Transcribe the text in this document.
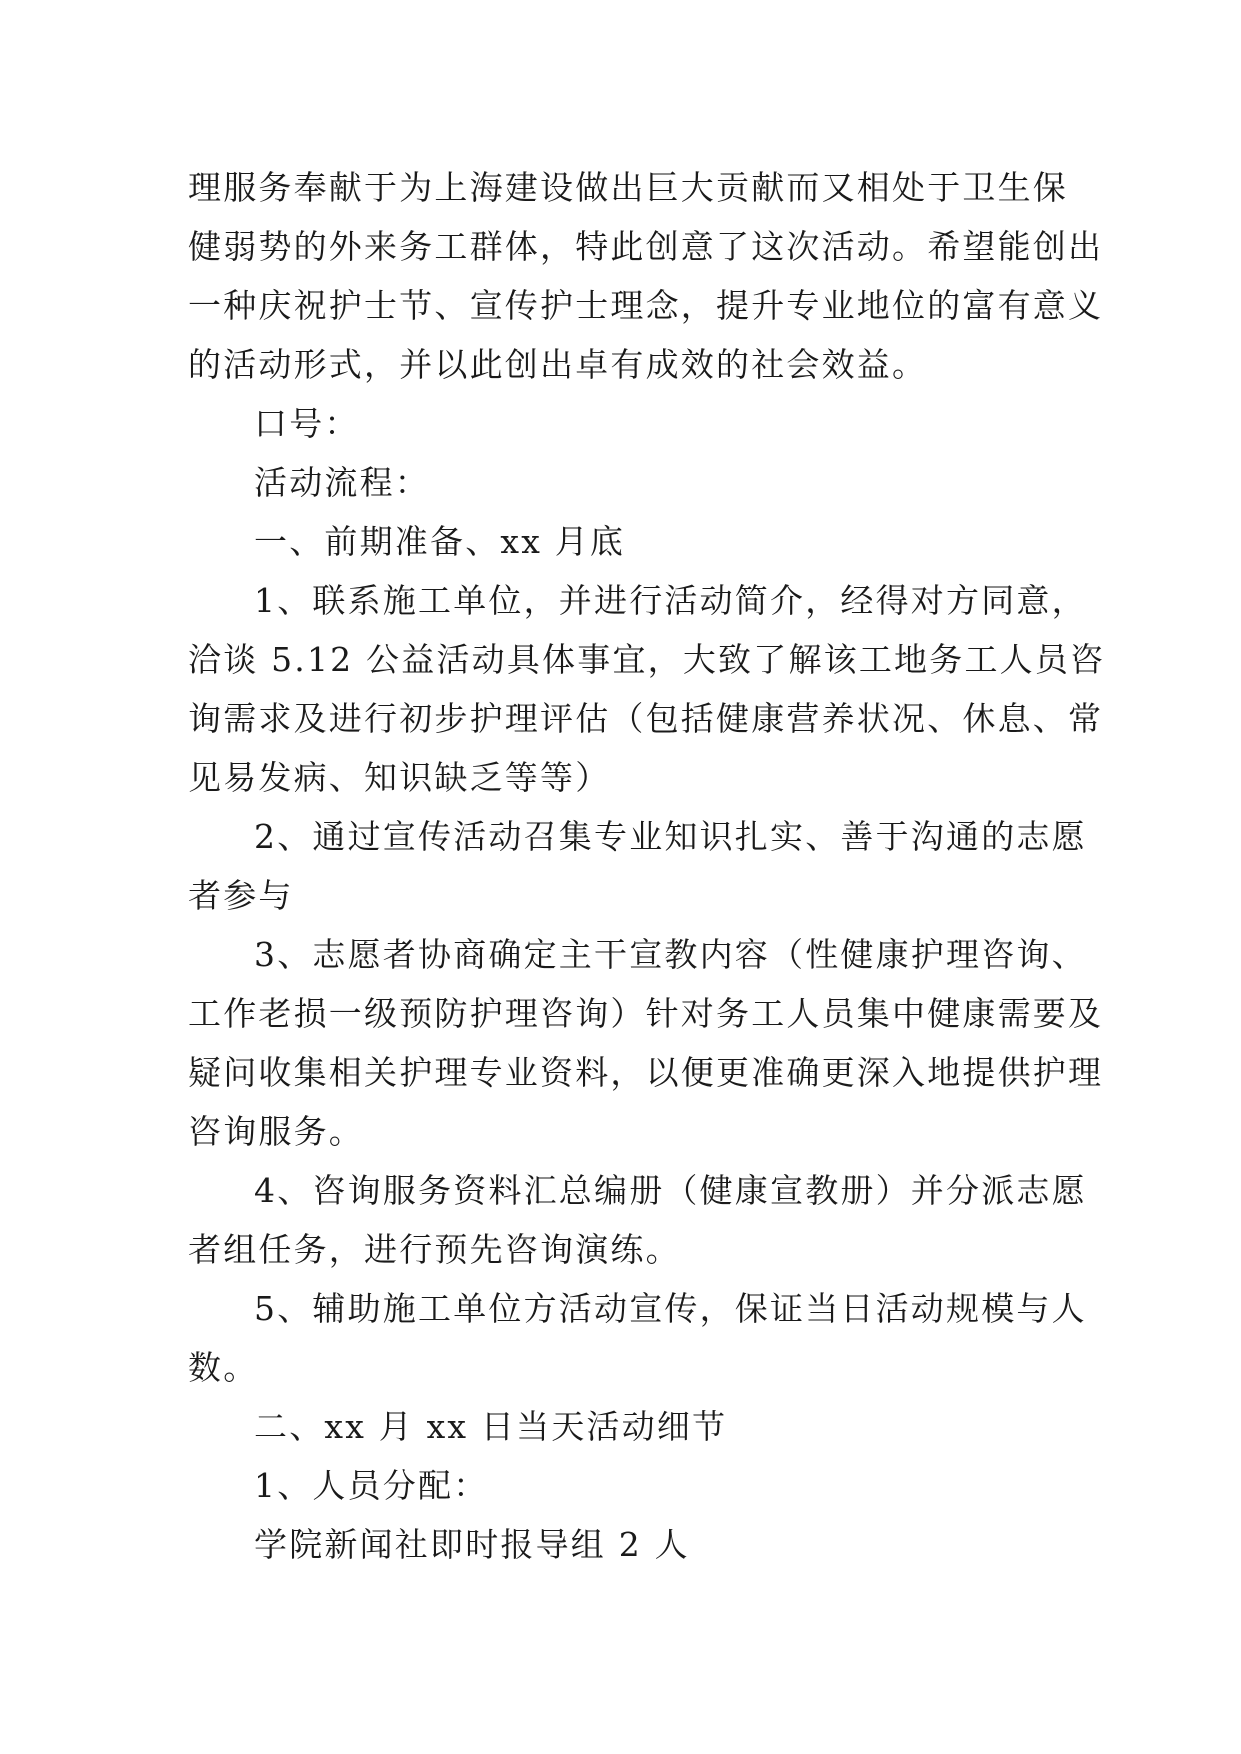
理服务奉献于为上海建设做出巨大贡献而又相处于卫生保
健弱势的外来务工群体，特此创意了这次活动。希望能创出
一种庆祝护士节、宣传护士理念，提升专业地位的富有意义
的活动形式，并以此创出卓有成效的社会效益。
口号：
活动流程：
一、前期准备、xx 月底
1、联系施工单位，并进行活动简介，经得对方同意，
洽谈 5.12 公益活动具体事宜，大致了解该工地务工人员咨
询需求及进行初步护理评估（包括健康营养状况、休息、常
见易发病、知识缺乏等等）
2、通过宣传活动召集专业知识扎实、善于沟通的志愿
者参与
3、志愿者协商确定主干宣教内容（性健康护理咨询、
工作老损一级预防护理咨询）针对务工人员集中健康需要及
疑问收集相关护理专业资料，以便更准确更深入地提供护理
咨询服务。
4、咨询服务资料汇总编册（健康宣教册）并分派志愿
者组任务，进行预先咨询演练。
5、辅助施工单位方活动宣传，保证当日活动规模与人
数。
二、xx 月 xx 日当天活动细节
1、人员分配：
学院新闻社即时报导组 2 人
